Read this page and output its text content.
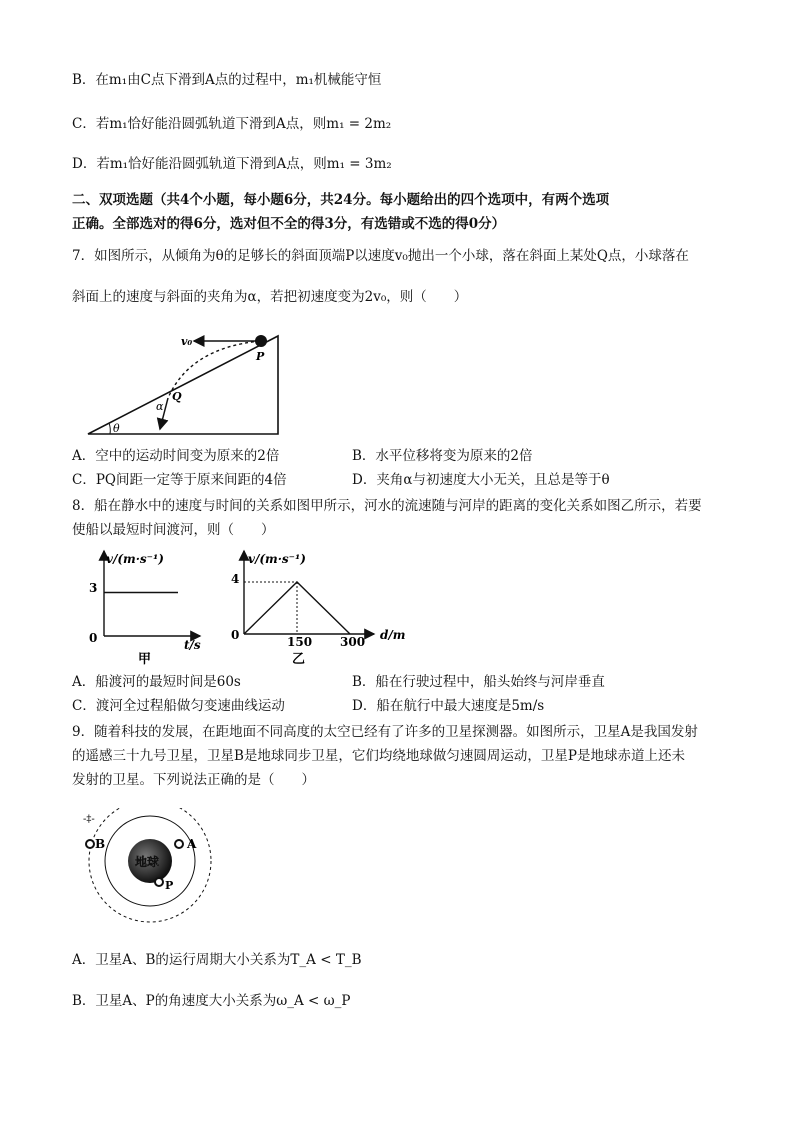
B．在m₁由C点下滑到A点的过程中，m₁机械能守恒
C．若m₁恰好能沿圆弧轨道下滑到A点，则m₁ = 2m₂
D．若m₁恰好能沿圆弧轨道下滑到A点，则m₁ = 3m₂
二、双项选题（共4个小题，每小题6分，共24分。每小题给出的四个选项中，有两个选项
正确。全部选对的得6分，选对但不全的得3分，有选错或不选的得0分）
7．如图所示，从倾角为θ的足够长的斜面顶端P以速度v₀抛出一个小球，落在斜面上某处Q点，小球落在
斜面上的速度与斜面的夹角为α，若把初速度变为2v₀，则（　　）
v₀
P
Q
α
θ
A．空中的运动时间变为原来的2倍	B．水平位移将变为原来的2倍
C．PQ间距一定等于原来间距的4倍	D．夹角α与初速度大小无关，且总是等于θ
8．船在静水中的速度与时间的关系如图甲所示，河水的流速随与河岸的距离的变化关系如图乙所示，若要
使船以最短时间渡河，则（　　）
v/(m·s⁻¹)
t/s
3
0
甲
v/(m·s⁻¹)
d/m
4
0	150 300
乙
A．船渡河的最短时间是60s	B．船在行驶过程中，船头始终与河岸垂直
C．渡河全过程船做匀变速曲线运动	D．船在航行中最大速度是5m/s
9．随着科技的发展，在距地面不同高度的太空已经有了许多的卫星探测器。如图所示，卫星A是我国发射
的遥感三十九号卫星，卫星B是地球同步卫星，它们均绕地球做匀速圆周运动，卫星P是地球赤道上还未
发射的卫星。下列说法正确的是（　　）
-‡-
地球
A
B
P
A．卫星A、B的运行周期大小关系为T_A < T_B
B．卫星A、P的角速度大小关系为ω_A < ω_P
